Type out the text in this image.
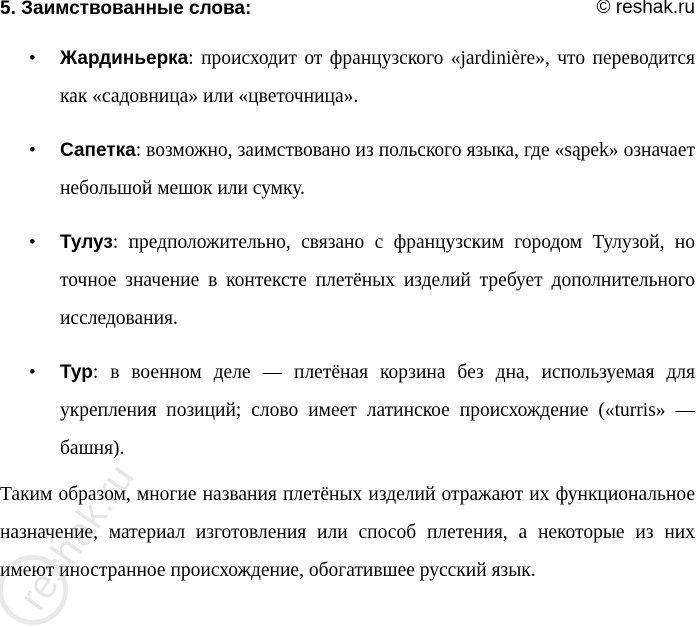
5. Заимствованные слова:	© reshak.ru
• Жардиньерка: происходит от французского «jardinière», что переводится как «садовница» или «цветочница».
• Сапетка: возможно, заимствовано из польского языка, где «sąpek» означает небольшой мешок или сумку.
• Тулуз: предположительно, связано с французским городом Тулузой, но точное значение в контексте плетёных изделий требует дополнительного исследования.
• Тур: в военном деле — плетёная корзина без дна, используемая для укрепления позиций; слово имеет латинское происхождение («turris» — башня).

Таким образом, многие названия плетёных изделий отражают их функциональное назначение, материал изготовления или способ плетения, а некоторые из них имеют иностранное происхождение, обогатившее русский язык.

reshak.ru
